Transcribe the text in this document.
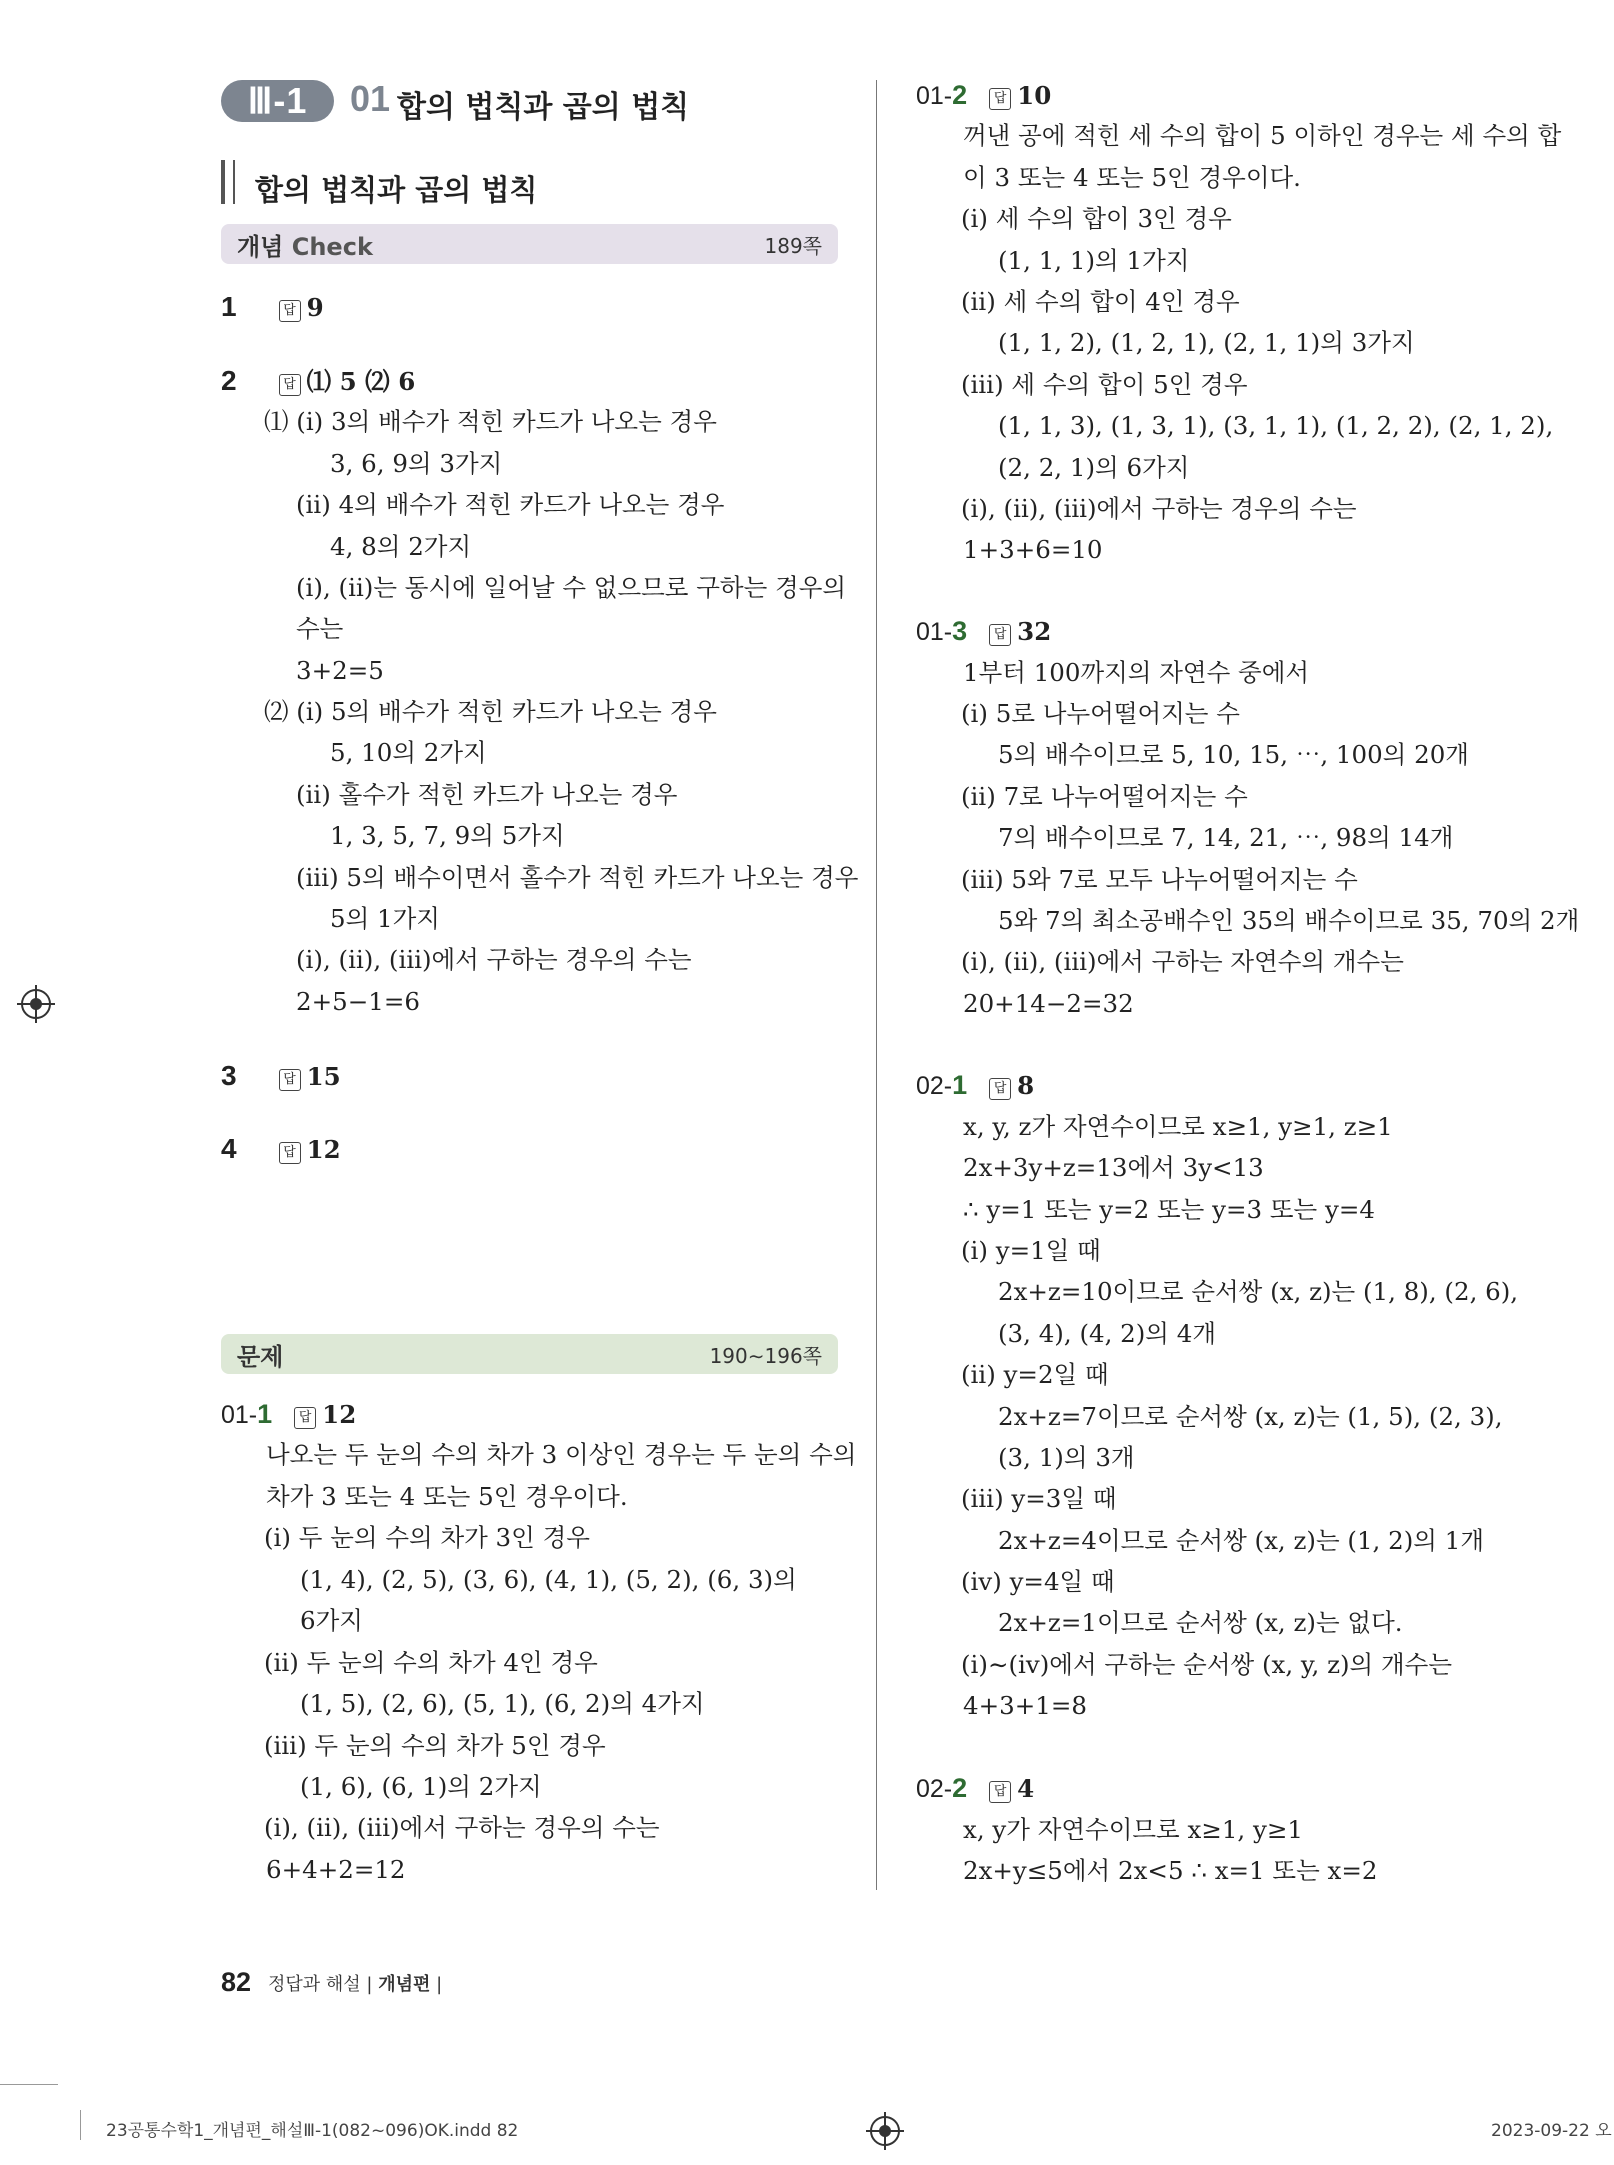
Ⅲ-1	01 합의 법칙과 곱의 법칙
합의 법칙과 곱의 법칙
개념 Check	189쪽
문제	190∼196쪽
1	답 9
2	답 ⑴ 5 ⑵ 6
⑴ (ⅰ) 3의 배수가 적힌 카드가 나오는 경우
3, 6, 9의 3가지
(ⅱ) 4의 배수가 적힌 카드가 나오는 경우
4, 8의 2가지
(ⅰ), (ⅱ)는 동시에 일어날 수 없으므로 구하는 경우의
수는
3+2=5
⑵ (ⅰ) 5의 배수가 적힌 카드가 나오는 경우
5, 10의 2가지
(ⅱ) 홀수가 적힌 카드가 나오는 경우
1, 3, 5, 7, 9의 5가지
(ⅲ) 5의 배수이면서 홀수가 적힌 카드가 나오는 경우
5의 1가지
(ⅰ), (ⅱ), (ⅲ)에서 구하는 경우의 수는
2+5−1=6
3	답 15
4	답 12
01-1 답 12
나오는 두 눈의 수의 차가 3 이상인 경우는 두 눈의 수의
차가 3 또는 4 또는 5인 경우이다.
(ⅰ) 두 눈의 수의 차가 3인 경우
(1, 4), (2, 5), (3, 6), (4, 1), (5, 2), (6, 3)의
6가지
(ⅱ) 두 눈의 수의 차가 4인 경우
(1, 5), (2, 6), (5, 1), (6, 2)의 4가지
(ⅲ) 두 눈의 수의 차가 5인 경우
(1, 6), (6, 1)의 2가지
(ⅰ), (ⅱ), (ⅲ)에서 구하는 경우의 수는
6+4+2=12
01-2 답 10
꺼낸 공에 적힌 세 수의 합이 5 이하인 경우는 세 수의 합
이 3 또는 4 또는 5인 경우이다.
(ⅰ) 세 수의 합이 3인 경우
(1, 1, 1)의 1가지
(ⅱ) 세 수의 합이 4인 경우
(1, 1, 2), (1, 2, 1), (2, 1, 1)의 3가지
(ⅲ) 세 수의 합이 5인 경우
(1, 1, 3), (1, 3, 1), (3, 1, 1), (1, 2, 2), (2, 1, 2),
(2, 2, 1)의 6가지
(ⅰ), (ⅱ), (ⅲ)에서 구하는 경우의 수는
1+3+6=10
01-3 답 32
1부터 100까지의 자연수 중에서
(ⅰ) 5로 나누어떨어지는 수
5의 배수이므로 5, 10, 15, ⋯, 100의 20개
(ⅱ) 7로 나누어떨어지는 수
7의 배수이므로 7, 14, 21, ⋯, 98의 14개
(ⅲ) 5와 7로 모두 나누어떨어지는 수
5와 7의 최소공배수인 35의 배수이므로 35, 70의 2개
(ⅰ), (ⅱ), (ⅲ)에서 구하는 자연수의 개수는
20+14−2=32
02-1 답 8
x, y, z가 자연수이므로 x≥1, y≥1, z≥1
2x+3y+z=13에서 3y<13
∴ y=1 또는 y=2 또는 y=3 또는 y=4
(ⅰ) y=1일 때
2x+z=10이므로 순서쌍 (x, z)는 (1, 8), (2, 6),
(3, 4), (4, 2)의 4개
(ⅱ) y=2일 때
2x+z=7이므로 순서쌍 (x, z)는 (1, 5), (2, 3),
(3, 1)의 3개
(ⅲ) y=3일 때
2x+z=4이므로 순서쌍 (x, z)는 (1, 2)의 1개
(ⅳ) y=4일 때
2x+z=1이므로 순서쌍 (x, z)는 없다.
(ⅰ)∼(ⅳ)에서 구하는 순서쌍 (x, y, z)의 개수는
4+3+1=8
02-2 답 4
x, y가 자연수이므로 x≥1, y≥1
2x+y≤5에서 2x<5 ∴ x=1 또는 x=2
82 정답과 해설 | 개념편 |
23공통수학1_개념편_해설Ⅲ-1(082~096)OK.indd 82	2023-09-22 오
